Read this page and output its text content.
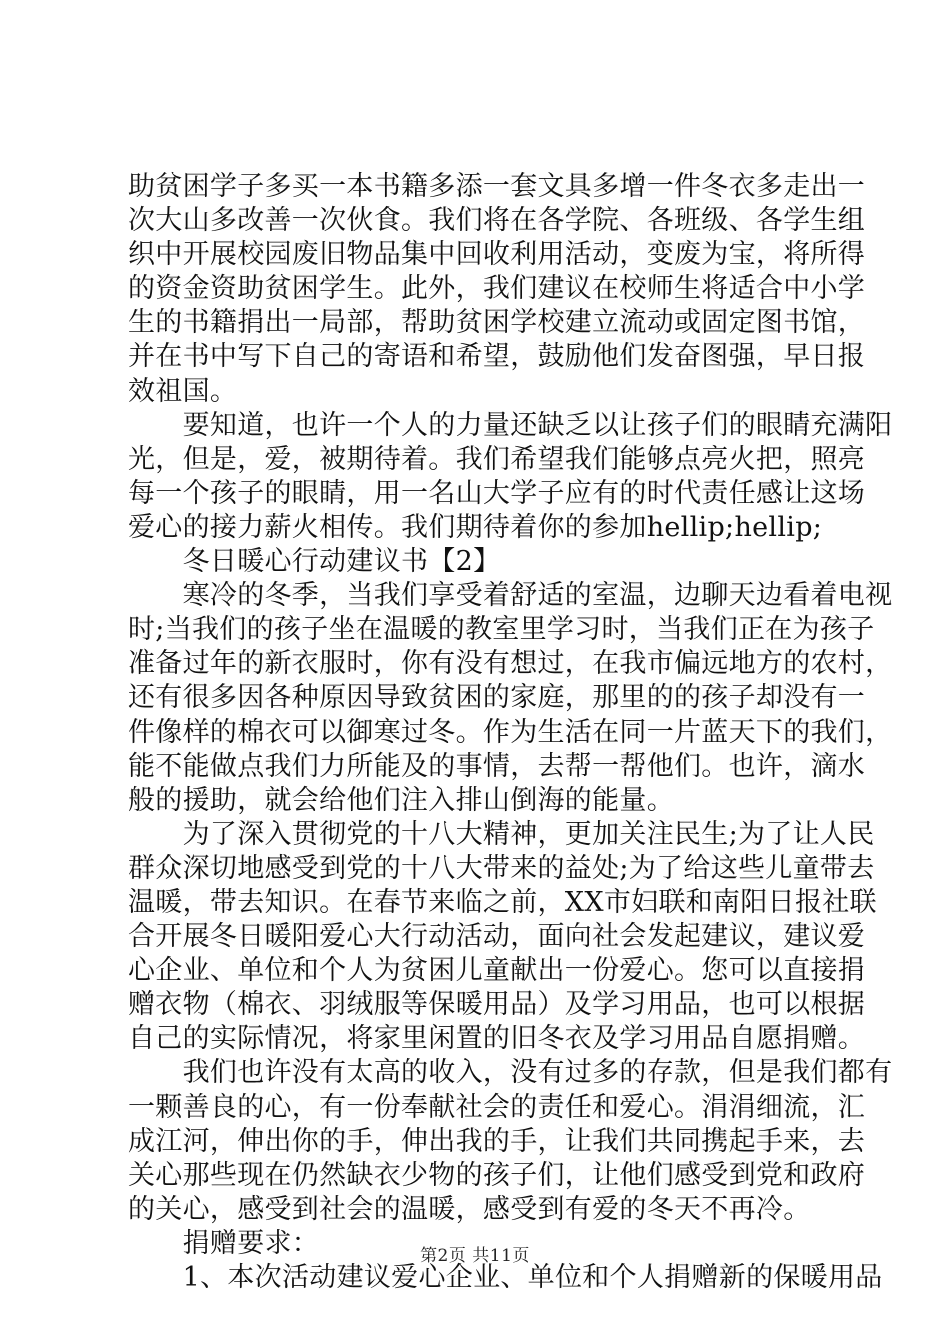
助贫困学子多买一本书籍多添一套文具多增一件冬衣多走出一
次大山多改善一次伙食。我们将在各学院、各班级、各学生组
织中开展校园废旧物品集中回收利用活动，变废为宝，将所得
的资金资助贫困学生。此外，我们建议在校师生将适合中小学
生的书籍捐出一局部，帮助贫困学校建立流动或固定图书馆，
并在书中写下自己的寄语和希望，鼓励他们发奋图强，早日报
效祖国。
　　要知道，也许一个人的力量还缺乏以让孩子们的眼睛充满阳
光，但是，爱，被期待着。我们希望我们能够点亮火把，照亮
每一个孩子的眼睛，用一名山大学子应有的时代责任感让这场
爱心的接力薪火相传。我们期待着你的参加hellip;hellip;
　　冬日暖心行动建议书【2】
　　寒冷的冬季，当我们享受着舒适的室温，边聊天边看着电视
时;当我们的孩子坐在温暖的教室里学习时，当我们正在为孩子
准备过年的新衣服时，你有没有想过，在我市偏远地方的农村，
还有很多因各种原因导致贫困的家庭，那里的的孩子却没有一
件像样的棉衣可以御寒过冬。作为生活在同一片蓝天下的我们，
能不能做点我们力所能及的事情，去帮一帮他们。也许，滴水
般的援助，就会给他们注入排山倒海的能量。
　　为了深入贯彻党的十八大精神，更加关注民生;为了让人民
群众深切地感受到党的十八大带来的益处;为了给这些儿童带去
温暖，带去知识。在春节来临之前，XX市妇联和南阳日报社联
合开展冬日暖阳爱心大行动活动，面向社会发起建议，建议爱
心企业、单位和个人为贫困儿童献出一份爱心。您可以直接捐
赠衣物（棉衣、羽绒服等保暖用品）及学习用品，也可以根据
自己的实际情况，将家里闲置的旧冬衣及学习用品自愿捐赠。
　　我们也许没有太高的收入，没有过多的存款，但是我们都有
一颗善良的心，有一份奉献社会的责任和爱心。涓涓细流，汇
成江河，伸出你的手，伸出我的手，让我们共同携起手来，去
关心那些现在仍然缺衣少物的孩子们，让他们感受到党和政府
的关心，感受到社会的温暖，感受到有爱的冬天不再冷。
　　捐赠要求：
　　1、本次活动建议爱心企业、单位和个人捐赠新的保暖用品
第2页 共11页
